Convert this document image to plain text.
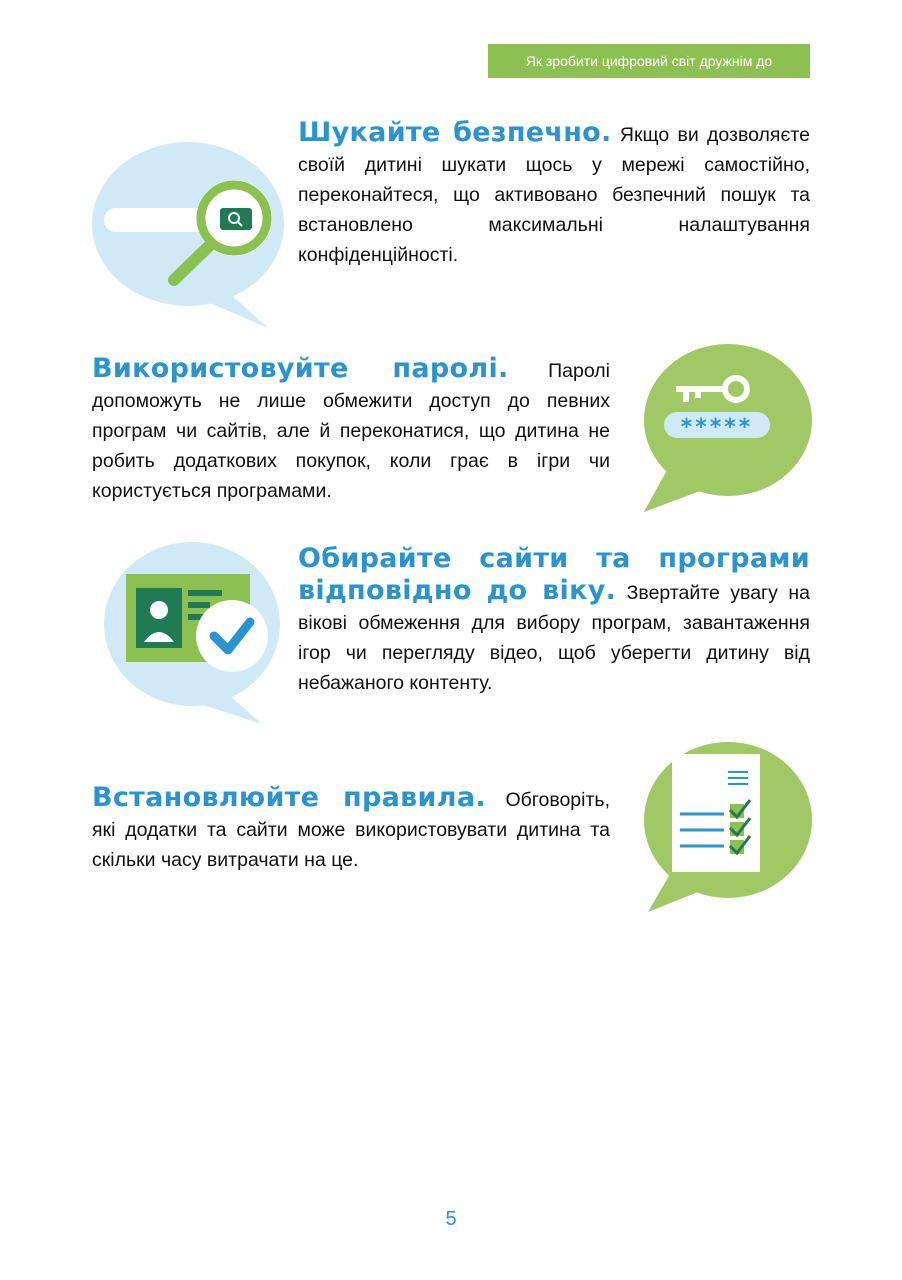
Як зробити цифровий світ дружнім до
*****
Шукайте безпечно. Якщо ви дозволяєте своїй дитині шукати щось у мережі самостійно, переконайтеся, що активовано безпечний пошук та встановлено максимальні налаштування конфіденційності.
Використовуйте паролі. Паролі допоможуть не лише обмежити доступ до певних програм чи сайтів, але й переконатися, що дитина не робить додаткових покупок, коли грає в ігри чи користується програмами.
Обирайте сайти та програми відповідно до віку. Звертайте увагу на вікові обмеження для вибору програм, завантаження ігор чи перегляду відео, щоб уберегти дитину від небажаного контенту.
Встановлюйте правила. Обговоріть, які додатки та сайти може використовувати дитина та скільки часу витрачати на це.
5
